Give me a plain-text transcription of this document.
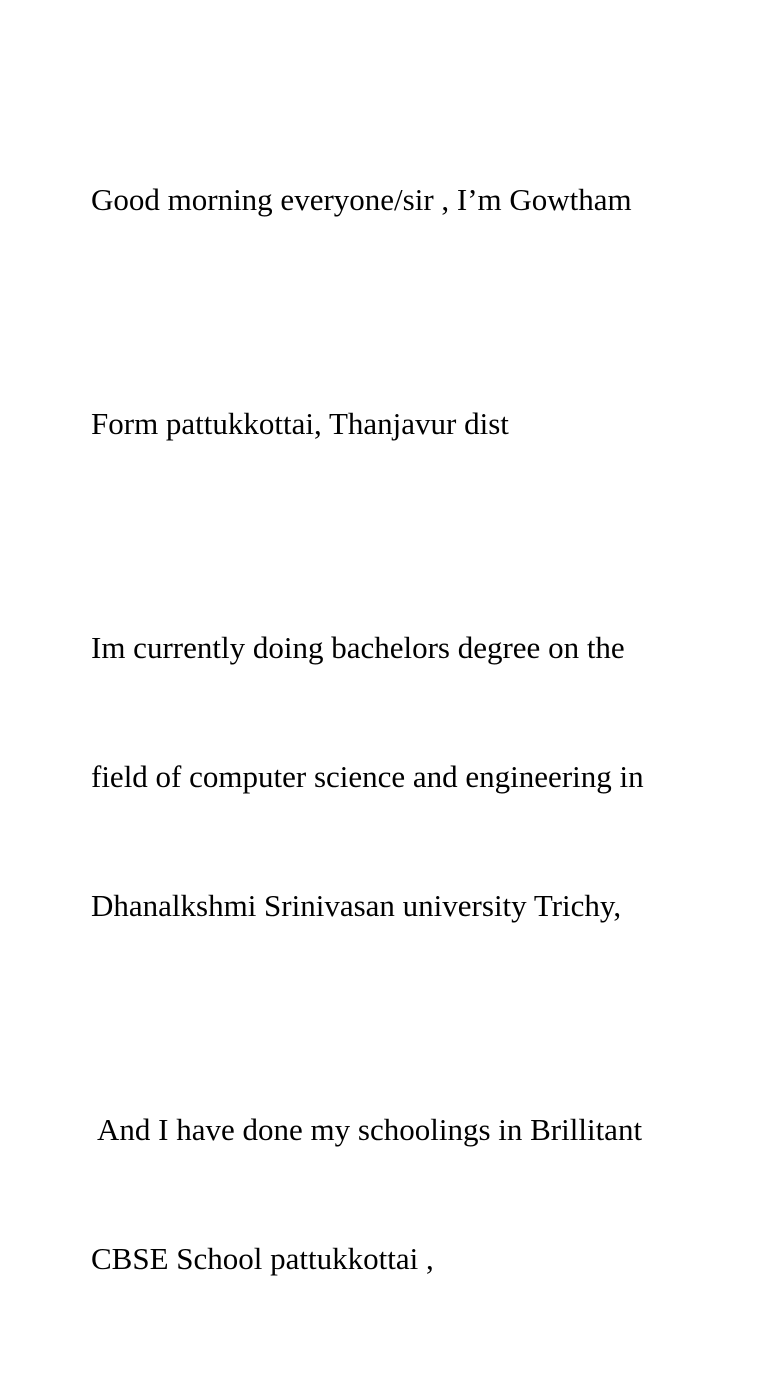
Good morning everyone/sir , I’m Gowtham

Form pattukkottai, Thanjavur dist

Im currently doing bachelors degree on the

field of computer science and engineering in

Dhanalkshmi Srinivasan university Trichy,

And I have done my schoolings in Brillitant

CBSE School pattukkottai ,
